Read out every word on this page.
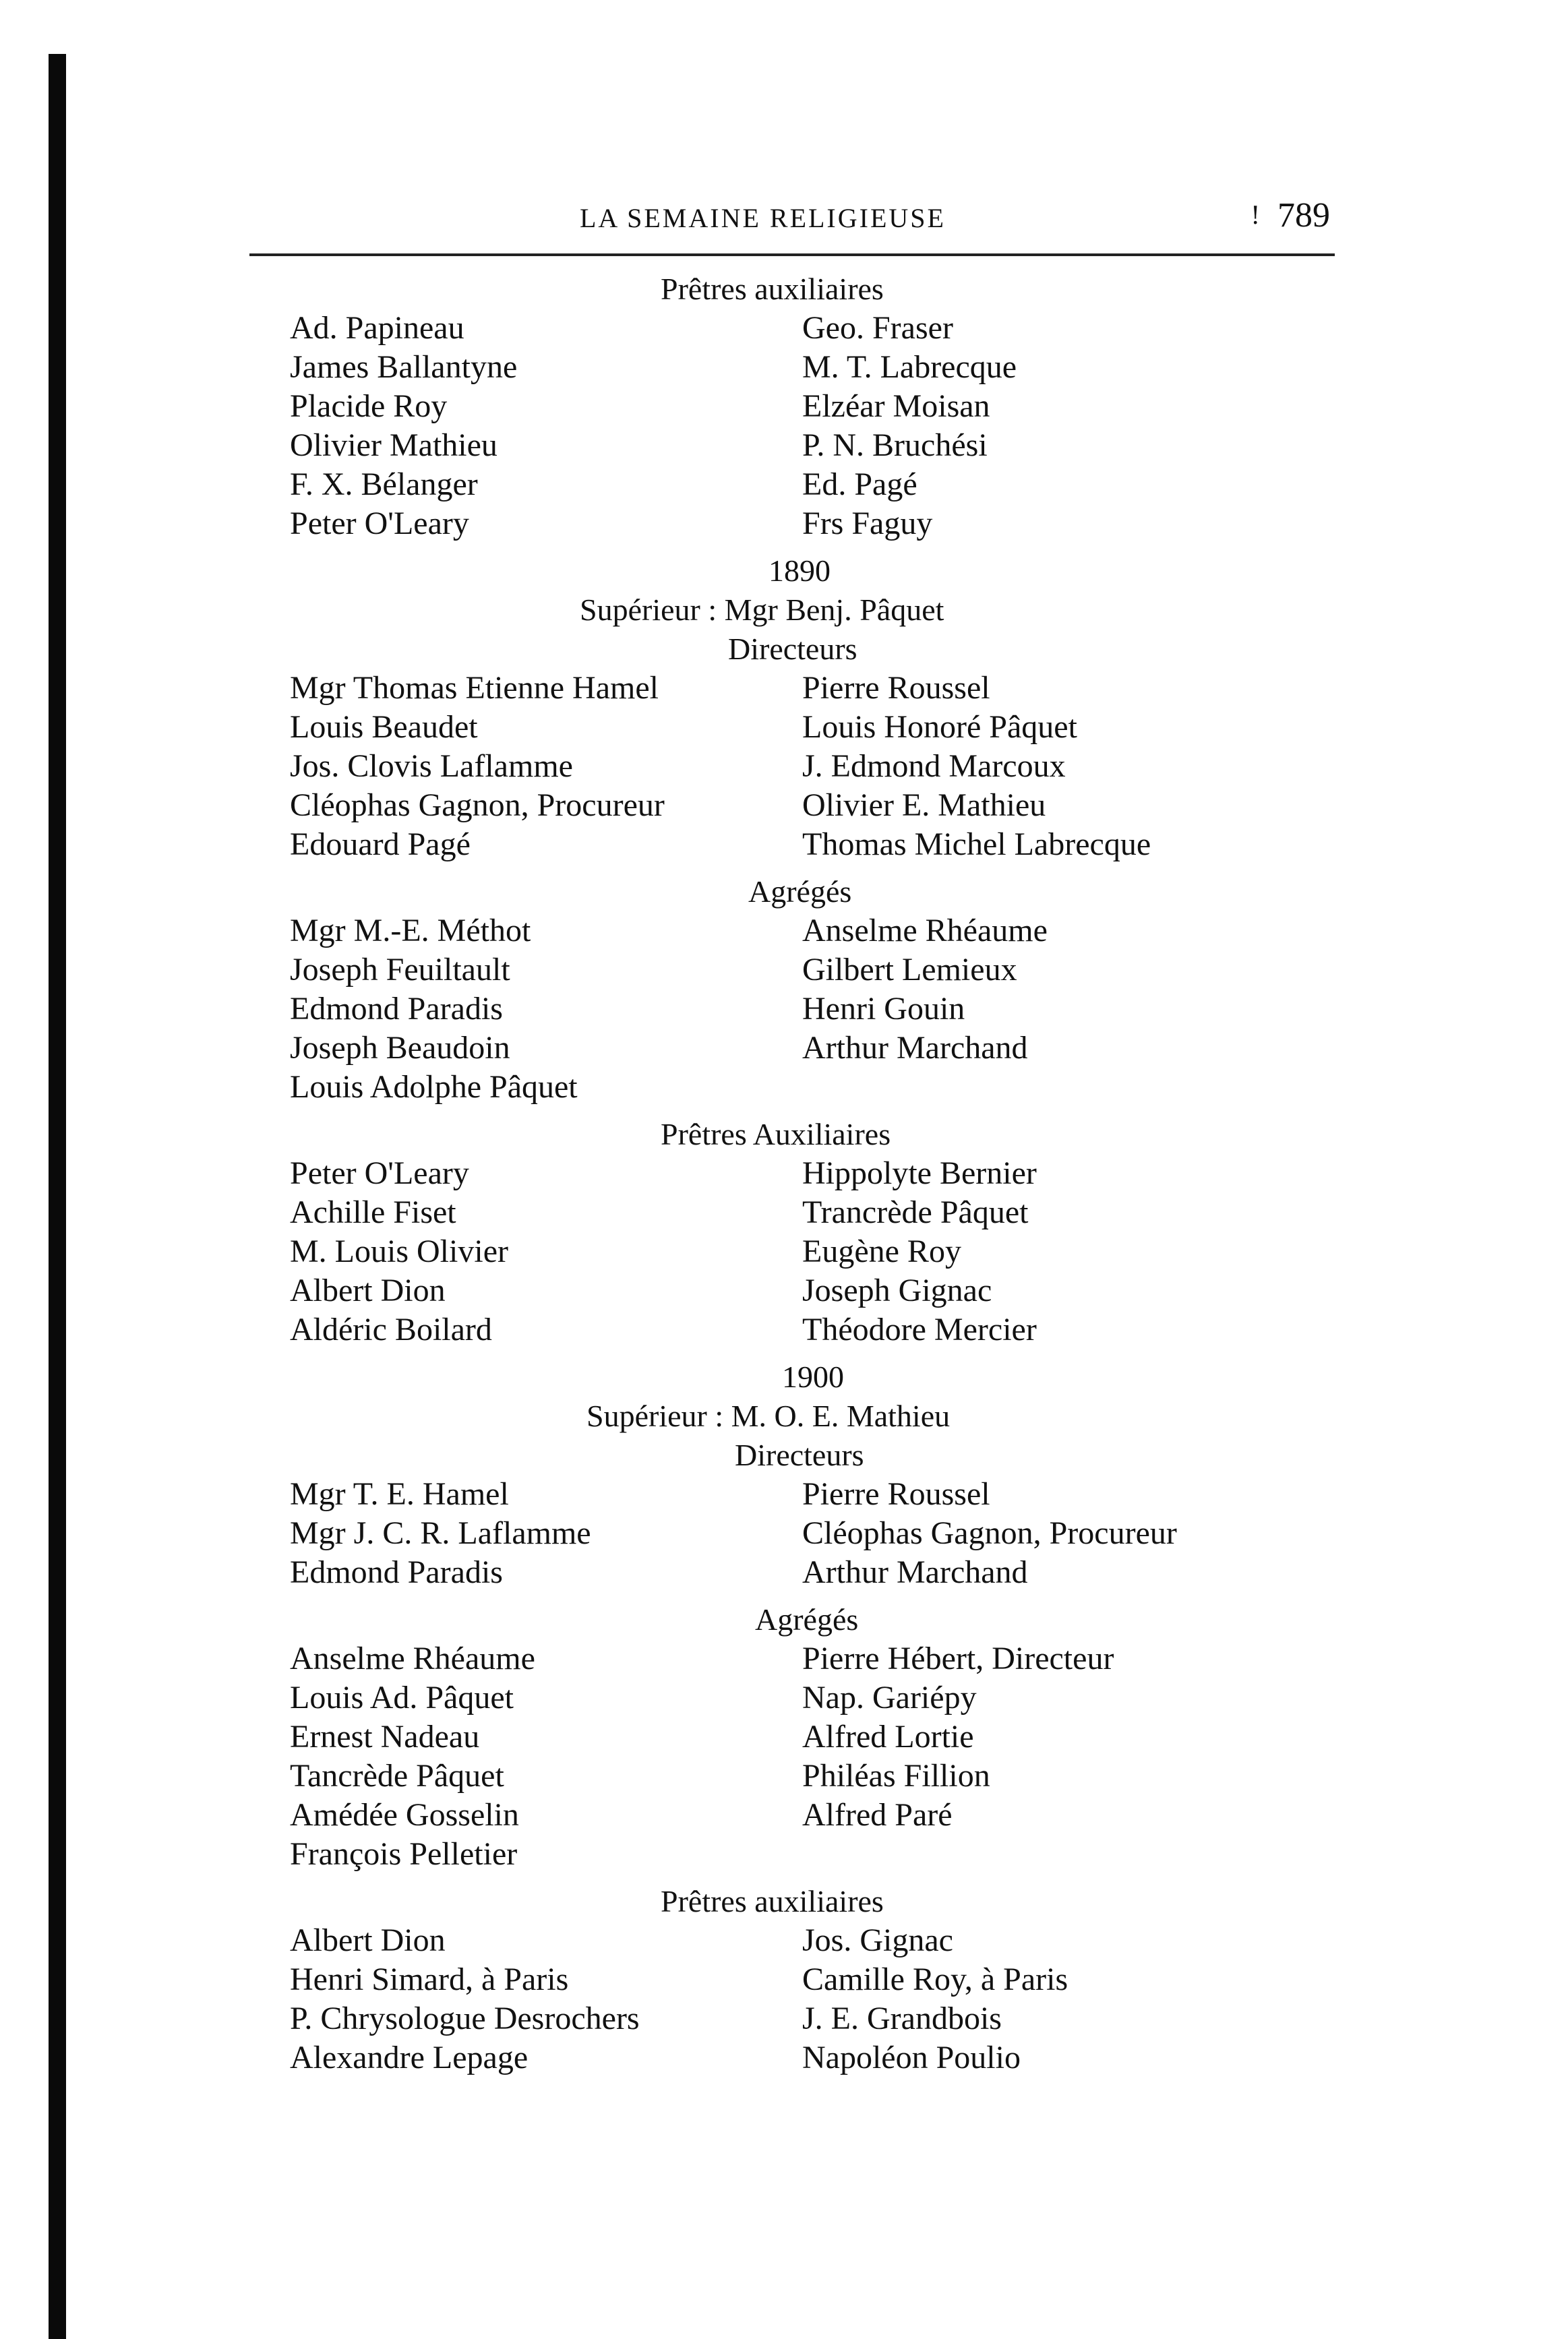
LA SEMAINE RELIGIEUSE	! 789
Prêtres auxiliaires
Ad. Papineau	Geo. Fraser
James Ballantyne	M. T. Labrecque
Placide Roy	Elzéar Moisan
Olivier Mathieu	P. N. Bruchési
F. X. Bélanger	Ed. Pagé
Peter O'Leary	Frs Faguy
1890
Supérieur : Mgr Benj. Pâquet
Directeurs
Mgr Thomas Etienne Hamel	Pierre Roussel
Louis Beaudet	Louis Honoré Pâquet
Jos. Clovis Laflamme	J. Edmond Marcoux
Cléophas Gagnon, Procureur	Olivier E. Mathieu
Edouard Pagé	Thomas Michel Labrecque
Agrégés
Mgr M.-E. Méthot	Anselme Rhéaume
Joseph Feuiltault	Gilbert Lemieux
Edmond Paradis	Henri Gouin
Joseph Beaudoin	Arthur Marchand
Louis Adolphe Pâquet
Prêtres Auxiliaires
Peter O'Leary	Hippolyte Bernier
Achille Fiset	Trancrède Pâquet
M. Louis Olivier	Eugène Roy
Albert Dion	Joseph Gignac
Aldéric Boilard	Théodore Mercier
1900
Supérieur : M. O. E. Mathieu
Directeurs
Mgr T. E. Hamel	Pierre Roussel
Mgr J. C. R. Laflamme	Cléophas Gagnon, Procureur
Edmond Paradis	Arthur Marchand
Agrégés
Anselme Rhéaume	Pierre Hébert, Directeur
Louis Ad. Pâquet	Nap. Gariépy
Ernest Nadeau	Alfred Lortie
Tancrède Pâquet	Philéas Fillion
Amédée Gosselin	Alfred Paré
François Pelletier
Prêtres auxiliaires
Albert Dion	Jos. Gignac
Henri Simard, à Paris	Camille Roy, à Paris
P. Chrysologue Desrochers	J. E. Grandbois
Alexandre Lepage	Napoléon Poulio
